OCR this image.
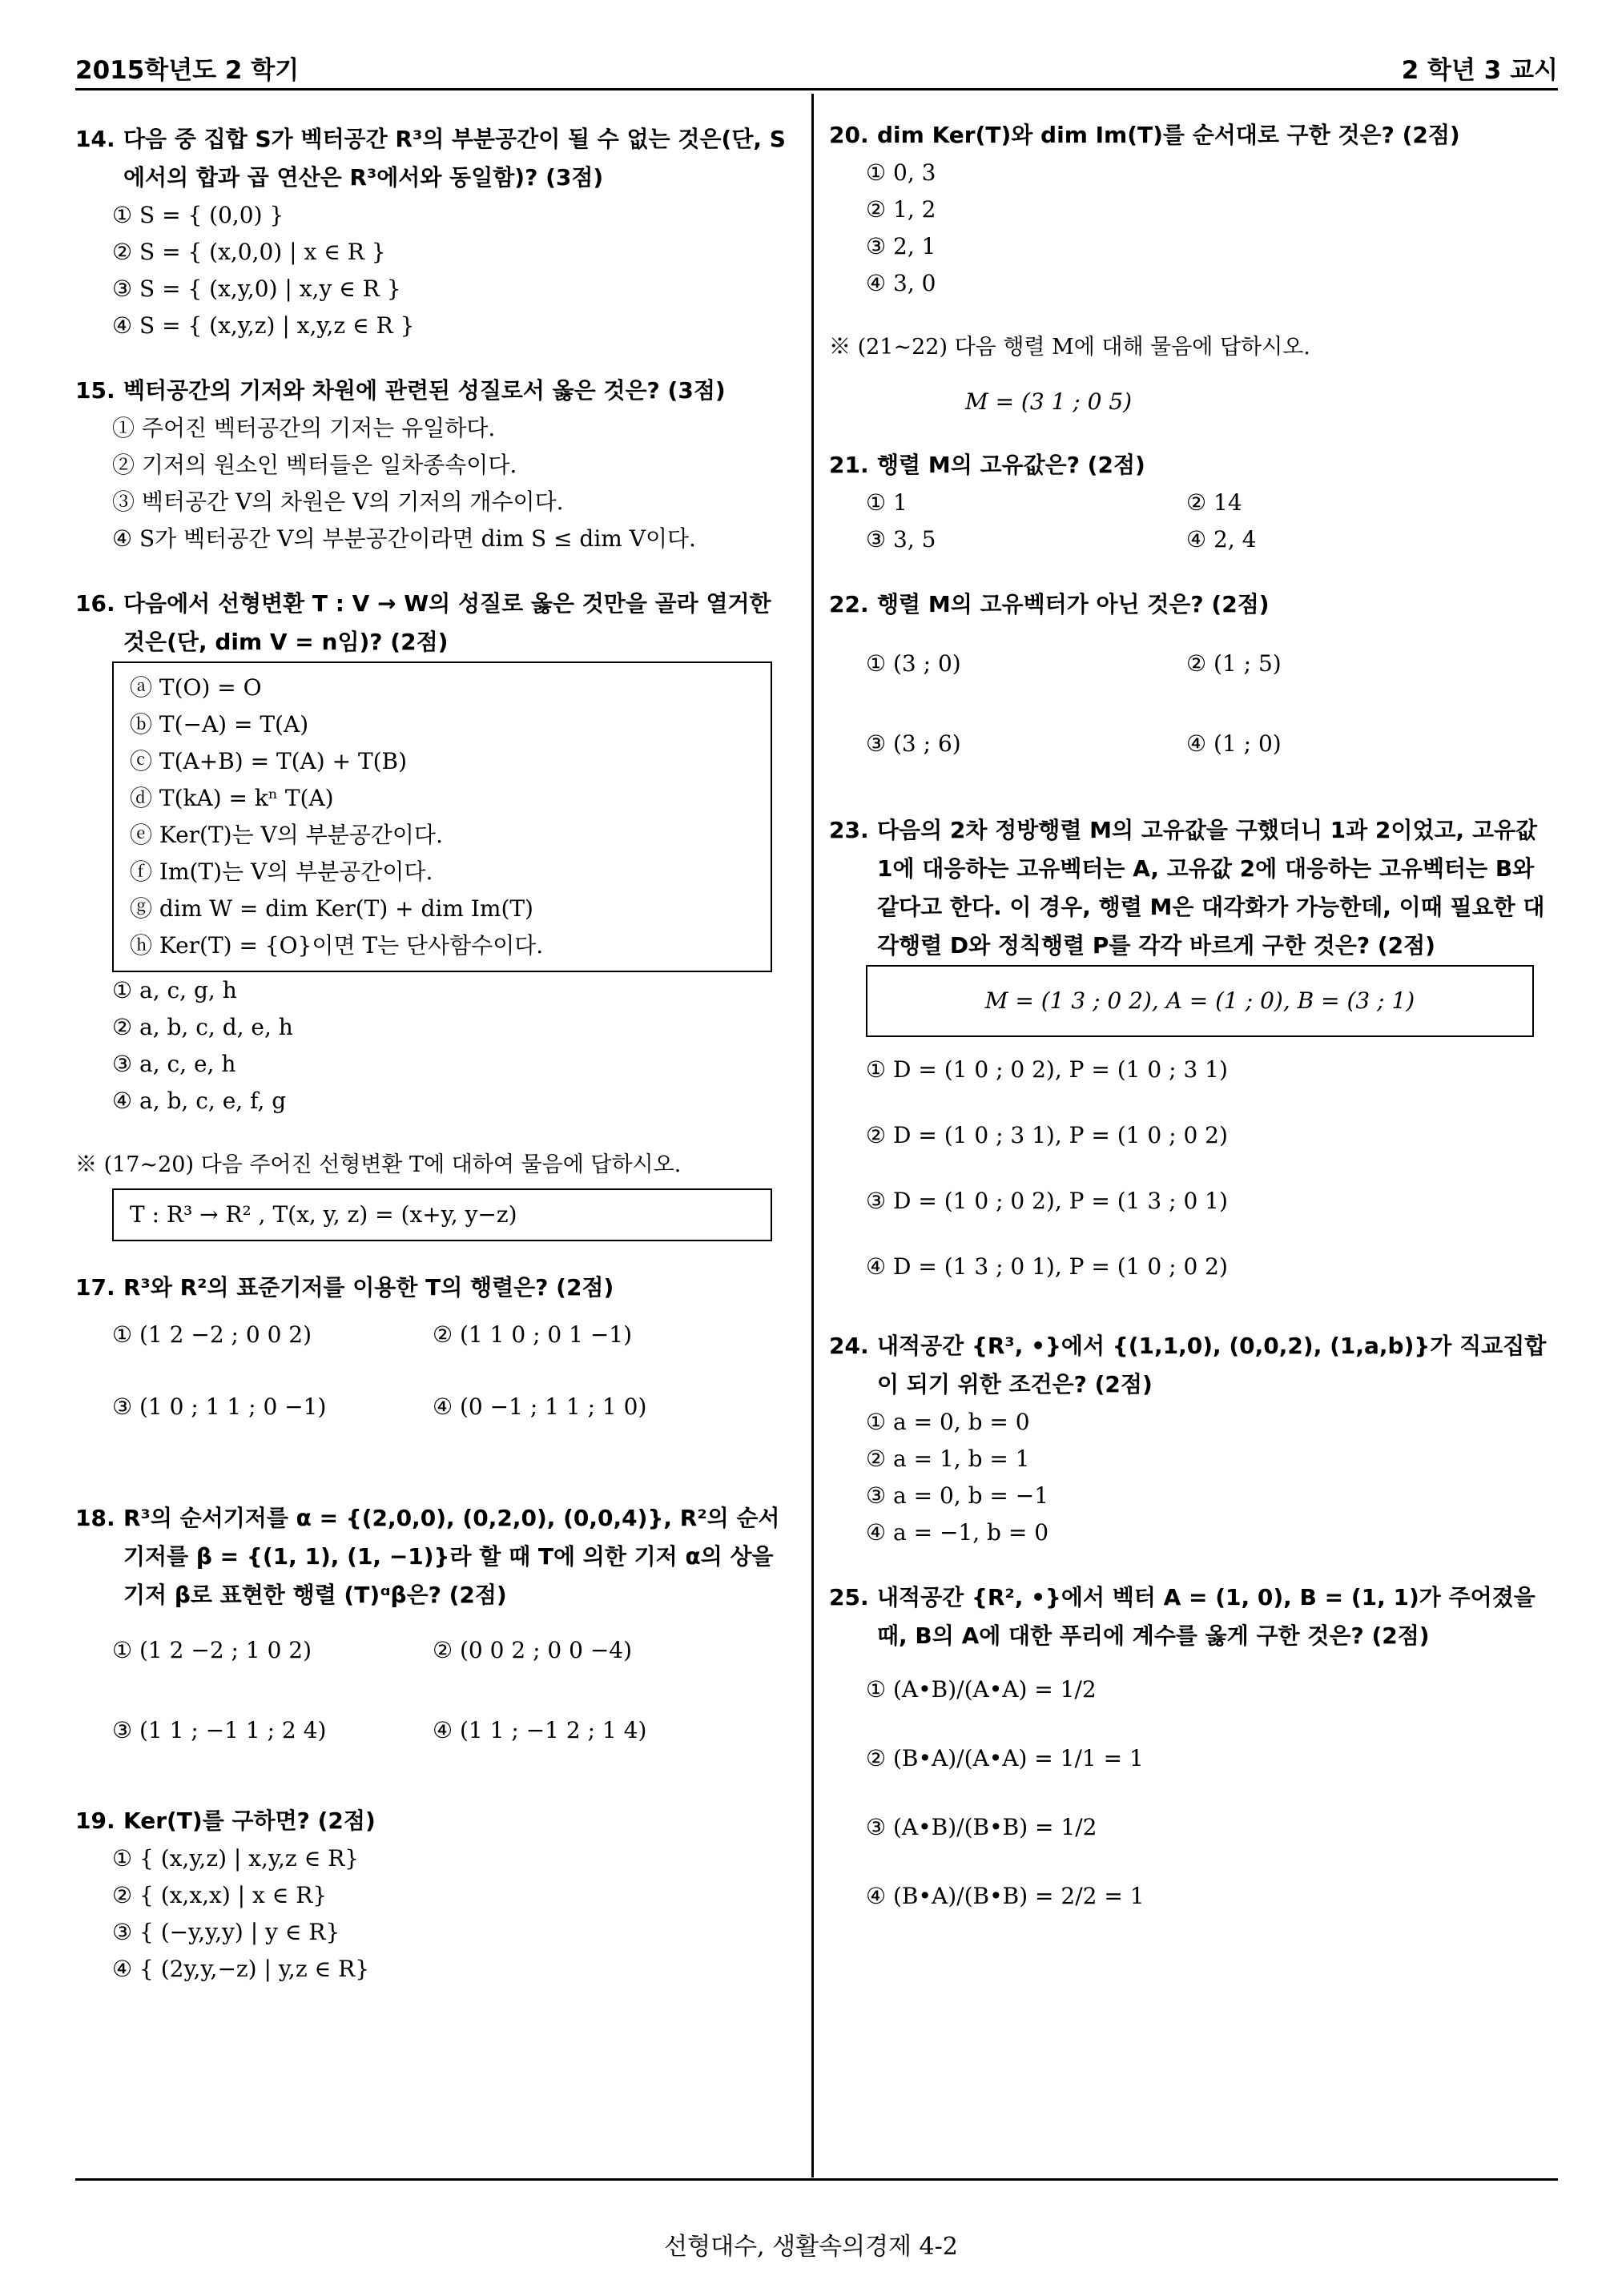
2015학년도 2 학기	2 학년 3 교시
14. 다음 중 집합 S가 벡터공간 R³의 부분공간이 될 수 없는 것은(단, S에서의 합과 곱 연산은 R³에서와 동일함)? (3점)
① S = { (0,0) }
② S = { (x,0,0) | x ∈ R }
③ S = { (x,y,0) | x,y ∈ R }
④ S = { (x,y,z) | x,y,z ∈ R }
15. 벡터공간의 기저와 차원에 관련된 성질로서 옳은 것은? (3점)
① 주어진 벡터공간의 기저는 유일하다.
② 기저의 원소인 벡터들은 일차종속이다.
③ 벡터공간 V의 차원은 V의 기저의 개수이다.
④ S가 벡터공간 V의 부분공간이라면 dim S ≤ dim V이다.
16. 다음에서 선형변환 T : V → W의 성질로 옳은 것만을 골라 열거한 것은(단, dim V = n임)? (2점)
ⓐ T(O) = O
ⓑ T(−A) = T(A)
ⓒ T(A+B) = T(A) + T(B)
ⓓ T(kA) = kⁿ T(A)
ⓔ Ker(T)는 V의 부분공간이다.
ⓕ Im(T)는 V의 부분공간이다.
ⓖ dim W = dim Ker(T) + dim Im(T)
ⓗ Ker(T) = {O}이면 T는 단사함수이다.
① a, c, g, h
② a, b, c, d, e, h
③ a, c, e, h
④ a, b, c, e, f, g
※ (17∼20) 다음 주어진 선형변환 T에 대하여 물음에 답하시오.
T : R³ → R² , T(x, y, z) = (x+y, y−z)
17. R³와 R²의 표준기저를 이용한 T의 행렬은? (2점)
① (1 2 −2 ; 0 0 2)	② (1 1 0 ; 0 1 −1)
③ (1 0 ; 1 1 ; 0 −1)	④ (0 −1 ; 1 1 ; 1 0)
18. R³의 순서기저를 α = {(2,0,0), (0,2,0), (0,0,4)}, R²의 순서기저를 β = {(1, 1), (1, −1)}라 할 때 T에 의한 기저 α의 상을 기저 β로 표현한 행렬 (T)ᵅβ은? (2점)
① (1 2 −2 ; 1 0 2)	② (0 0 2 ; 0 0 −4)
③ (1 1 ; −1 1 ; 2 4)	④ (1 1 ; −1 2 ; 1 4)
19. Ker(T)를 구하면? (2점)
① { (x,y,z) | x,y,z ∈ R}
② { (x,x,x) | x ∈ R}
③ { (−y,y,y) | y ∈ R}
④ { (2y,y,−z) | y,z ∈ R}
20. dim Ker(T)와 dim Im(T)를 순서대로 구한 것은? (2점)
① 0, 3
② 1, 2
③ 2, 1
④ 3, 0
※ (21∼22) 다음 행렬 M에 대해 물음에 답하시오.
M = (3 1 ; 0 5)
21. 행렬 M의 고유값은? (2점)
① 1	② 14
③ 3, 5	④ 2, 4
22. 행렬 M의 고유벡터가 아닌 것은? (2점)
① (3 ; 0)	② (1 ; 5)
③ (3 ; 6)	④ (1 ; 0)
23. 다음의 2차 정방행렬 M의 고유값을 구했더니 1과 2이었고, 고유값 1에 대응하는 고유벡터는 A, 고유값 2에 대응하는 고유벡터는 B와 같다고 한다. 이 경우, 행렬 M은 대각화가 가능한데, 이때 필요한 대각행렬 D와 정칙행렬 P를 각각 바르게 구한 것은? (2점)
M = (1 3 ; 0 2), A = (1 ; 0), B = (3 ; 1)
① D = (1 0 ; 0 2), P = (1 0 ; 3 1)
② D = (1 0 ; 3 1), P = (1 0 ; 0 2)
③ D = (1 0 ; 0 2), P = (1 3 ; 0 1)
④ D = (1 3 ; 0 1), P = (1 0 ; 0 2)
24. 내적공간 {R³, •}에서 {(1,1,0), (0,0,2), (1,a,b)}가 직교집합이 되기 위한 조건은? (2점)
① a = 0, b = 0
② a = 1, b = 1
③ a = 0, b = −1
④ a = −1, b = 0
25. 내적공간 {R², •}에서 벡터 A = (1, 0), B = (1, 1)가 주어졌을 때, B의 A에 대한 푸리에 계수를 옳게 구한 것은? (2점)
① (A•B)/(A•A) = 1/2
② (B•A)/(A•A) = 1/1 = 1
③ (A•B)/(B•B) = 1/2
④ (B•A)/(B•B) = 2/2 = 1
선형대수, 생활속의경제 4-2
